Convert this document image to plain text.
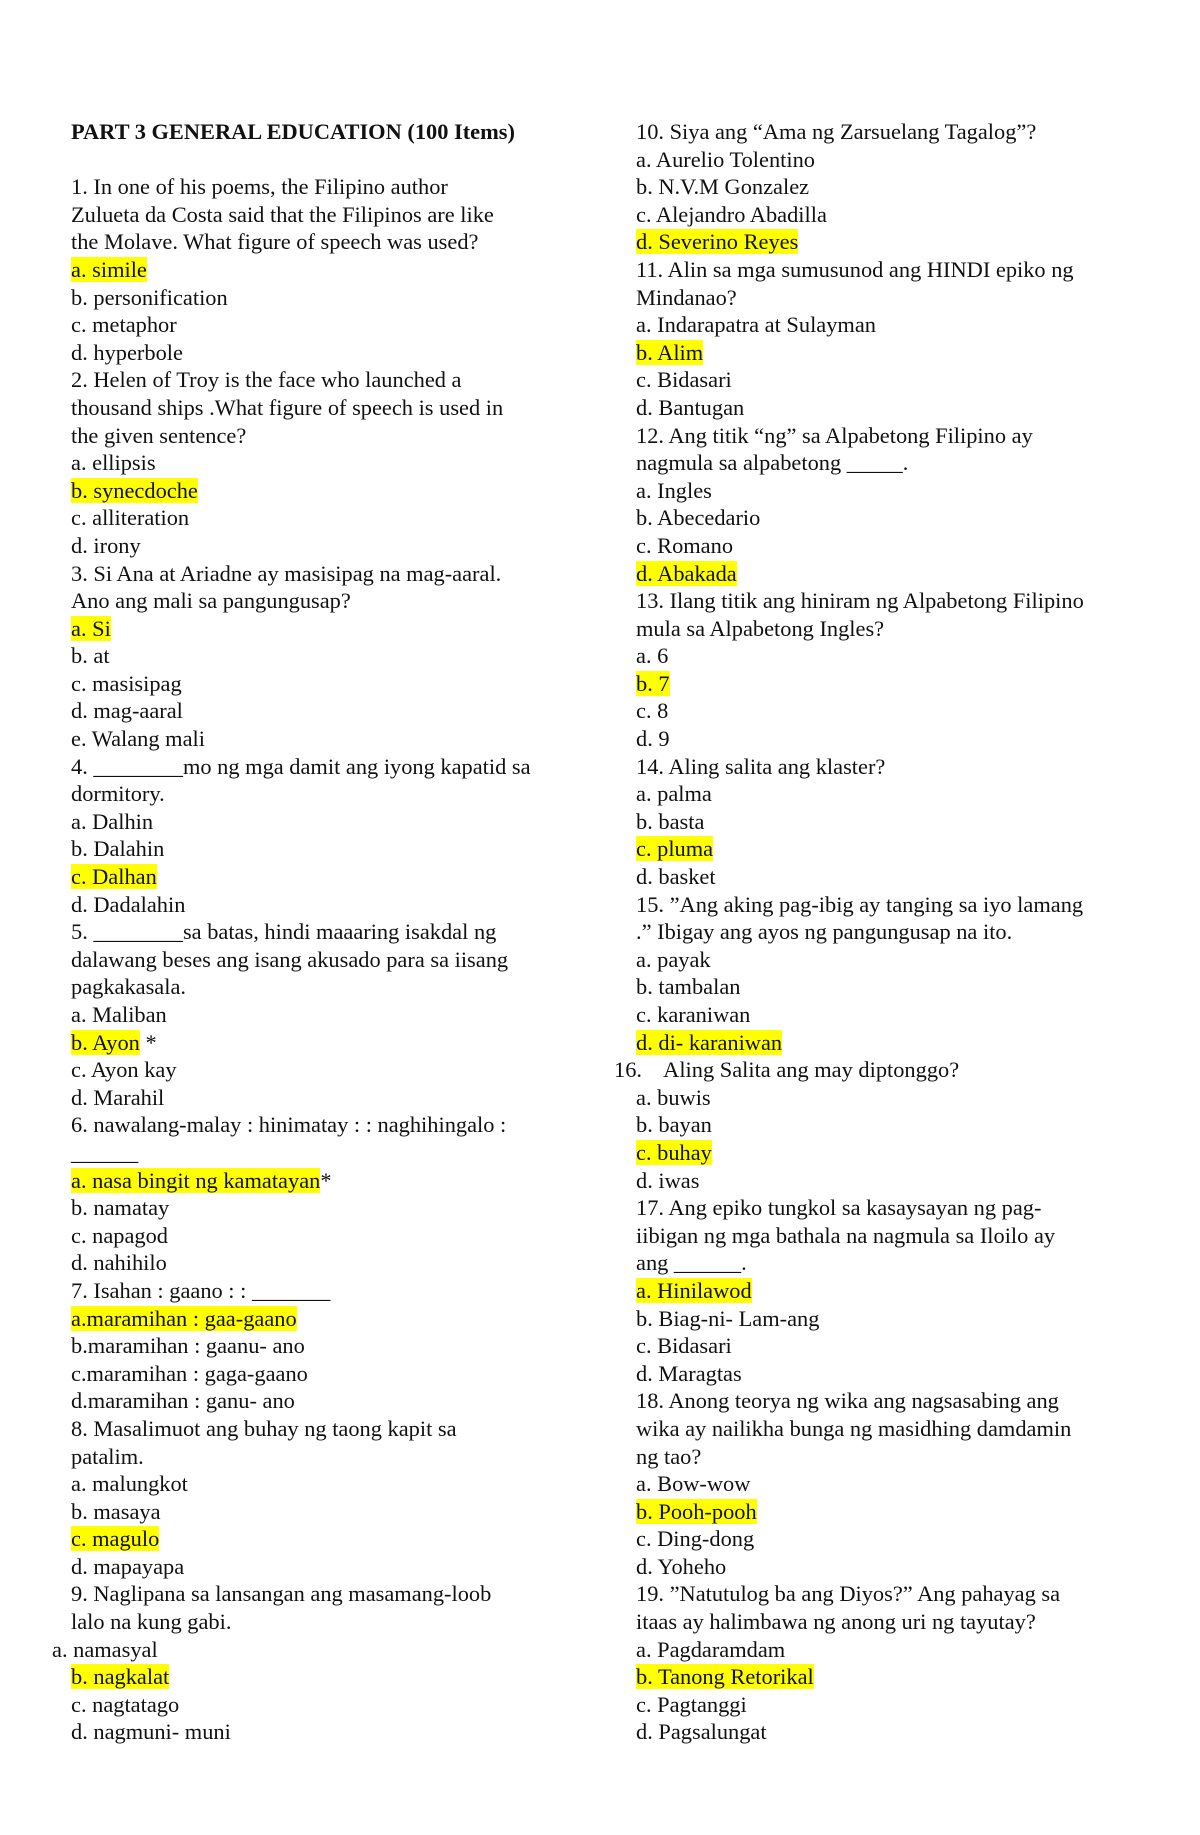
PART 3 GENERAL EDUCATION (100 Items)
1. In one of his poems, the Filipino author
Zulueta da Costa said that the Filipinos are like
the Molave. What figure of speech was used?
a. simile
b. personification
c. metaphor
d. hyperbole
2. Helen of Troy is the face who launched a
thousand ships .What figure of speech is used in
the given sentence?
a. ellipsis
b. synecdoche
c. alliteration
d. irony
3. Si Ana at Ariadne ay masisipag na mag-aaral.
Ano ang mali sa pangungusap?
a. Si
b. at
c. masisipag
d. mag-aaral
e. Walang mali
4. ________mo ng mga damit ang iyong kapatid sa
dormitory.
a. Dalhin
b. Dalahin
c. Dalhan
d. Dadalahin
5. ________sa batas, hindi maaaring isakdal ng
dalawang beses ang isang akusado para sa iisang
pagkakasala.
a. Maliban
b. Ayon *
c. Ayon kay
d. Marahil
6. nawalang-malay : hinimatay : : naghihingalo :
______
a. nasa bingit ng kamatayan*
b. namatay
c. napagod
d. nahihilo
7. Isahan : gaano : : _______
a.maramihan : gaa-gaano
b.maramihan : gaanu- ano
c.maramihan : gaga-gaano
d.maramihan : ganu- ano
8. Masalimuot ang buhay ng taong kapit sa
patalim.
a. malungkot
b. masaya
c. magulo
d. mapayapa
9. Naglipana sa lansangan ang masamang-loob
lalo na kung gabi.
a. namasyal
b. nagkalat
c. nagtatago
d. nagmuni- muni
10. Siya ang “Ama ng Zarsuelang Tagalog”?
a. Aurelio Tolentino
b. N.V.M Gonzalez
c. Alejandro Abadilla
d. Severino Reyes
11. Alin sa mga sumusunod ang HINDI epiko ng
Mindanao?
a. Indarapatra at Sulayman
b. Alim
c. Bidasari
d. Bantugan
12. Ang titik “ng” sa Alpabetong Filipino ay
nagmula sa alpabetong _____.
a. Ingles
b. Abecedario
c. Romano
d. Abakada
13. Ilang titik ang hiniram ng Alpabetong Filipino
mula sa Alpabetong Ingles?
a. 6
b. 7
c. 8
d. 9
14. Aling salita ang klaster?
a. palma
b. basta
c. pluma
d. basket
15. ”Ang aking pag-ibig ay tanging sa iyo lamang
.” Ibigay ang ayos ng pangungusap na ito.
a. payak
b. tambalan
c. karaniwan
d. di- karaniwan
16.    Aling Salita ang may diptonggo?
a. buwis
b. bayan
c. buhay
d. iwas
17. Ang epiko tungkol sa kasaysayan ng pag-
iibigan ng mga bathala na nagmula sa Iloilo ay
ang ______.
a. Hinilawod
b. Biag-ni- Lam-ang
c. Bidasari
d. Maragtas
18. Anong teorya ng wika ang nagsasabing ang
wika ay nailikha bunga ng masidhing damdamin
ng tao?
a. Bow-wow
b. Pooh-pooh
c. Ding-dong
d. Yoheho
19. ”Natutulog ba ang Diyos?” Ang pahayag sa
itaas ay halimbawa ng anong uri ng tayutay?
a. Pagdaramdam
b. Tanong Retorikal
c. Pagtanggi
d. Pagsalungat
